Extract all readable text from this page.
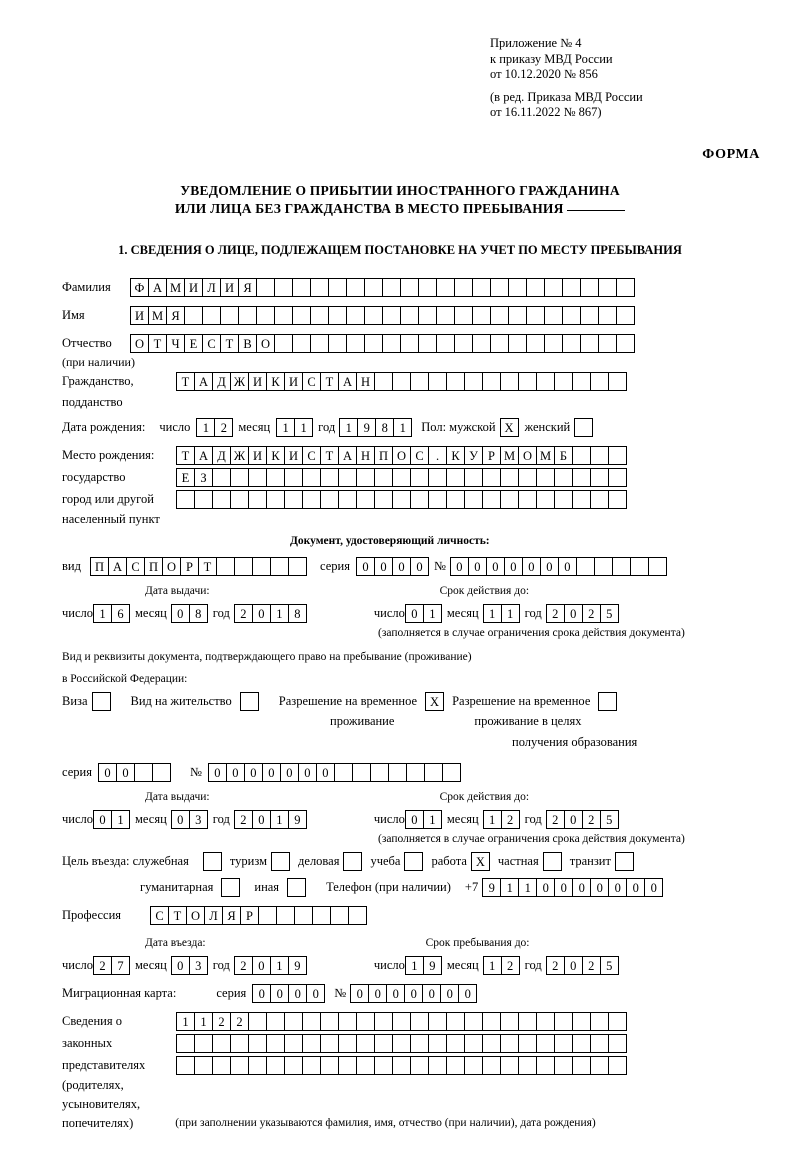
Приложение № 4
к приказу МВД России
от 10.12.2020 № 856
(в ред. Приказа МВД России
от 16.11.2022 № 867)
ФОРМА
УВЕДОМЛЕНИЕ О ПРИБЫТИИ ИНОСТРАННОГО ГРАЖДАНИНА
ИЛИ ЛИЦА БЕЗ ГРАЖДАНСТВА В МЕСТО ПРЕБЫВАНИЯ
1. СВЕДЕНИЯ О ЛИЦЕ, ПОДЛЕЖАЩЕМ ПОСТАНОВКЕ НА УЧЕТ ПО МЕСТУ ПРЕБЫВАНИЯ
Фамилия	Ф А М И Л И Я
Имя	И М Я
Отчество	О Т Ч Е С Т В О
(при наличии)
Гражданство,	Т А Д Ж И К И С Т А Н
подданство
Дата рождения: число 1 2 месяц 1 1 год 1 9 8 1	Пол: мужской Х женский
Место рождения:	Т А Д Ж И К И С Т А Н П О С . К У Р М О М Б
государство	Е З
город или другой
населенный пункт
Документ, удостоверяющий личность:
вид	П А С П О Р Т	серия 0 0 0 0 № 0 0 0 0 0 0 0
Дата выдачи:	Срок действия до:
число 1 6 месяц 0 8 год 2 0 1 8	число 0 1 месяц 1 1 год 2 0 2 5
(заполняется в случае ограничения срока действия документа)
Вид и реквизиты документа, подтверждающего право на пребывание (проживание)
в Российской Федерации:
Виза	Вид на жительство	Разрешение на временное	Х	Разрешение на временное
проживание	проживание в целях
получения образования
серия 0 0	№ 0 0 0 0 0 0 0
Дата выдачи:	Срок действия до:
число 0 1 месяц 0 3 год 2 0 1 9	число 0 1 месяц 1 2 год 2 0 2 5
(заполняется в случае ограничения срока действия документа)
Цель въезда: служебная	туризм деловая учеба работа Х	частная транзит
гуманитарная	иная	Телефон (при наличии) +7 9 1 1 0 0 0 0 0 0 0
Профессия	С Т О Л Я Р
Дата въезда:	Срок пребывания до:
число 2 7 месяц 0 3 год 2 0 1 9	число 1 9 месяц 1 2 год 2 0 2 5
Миграционная карта:	серия 0 0 0 0	№ 0 0 0 0 0 0 0
Сведения о	1 1 2 2
законных
представителях
(родителях,
усыновителях,
попечителях)	(при заполнении указываются фамилия, имя, отчество (при наличии), дата рождения)
